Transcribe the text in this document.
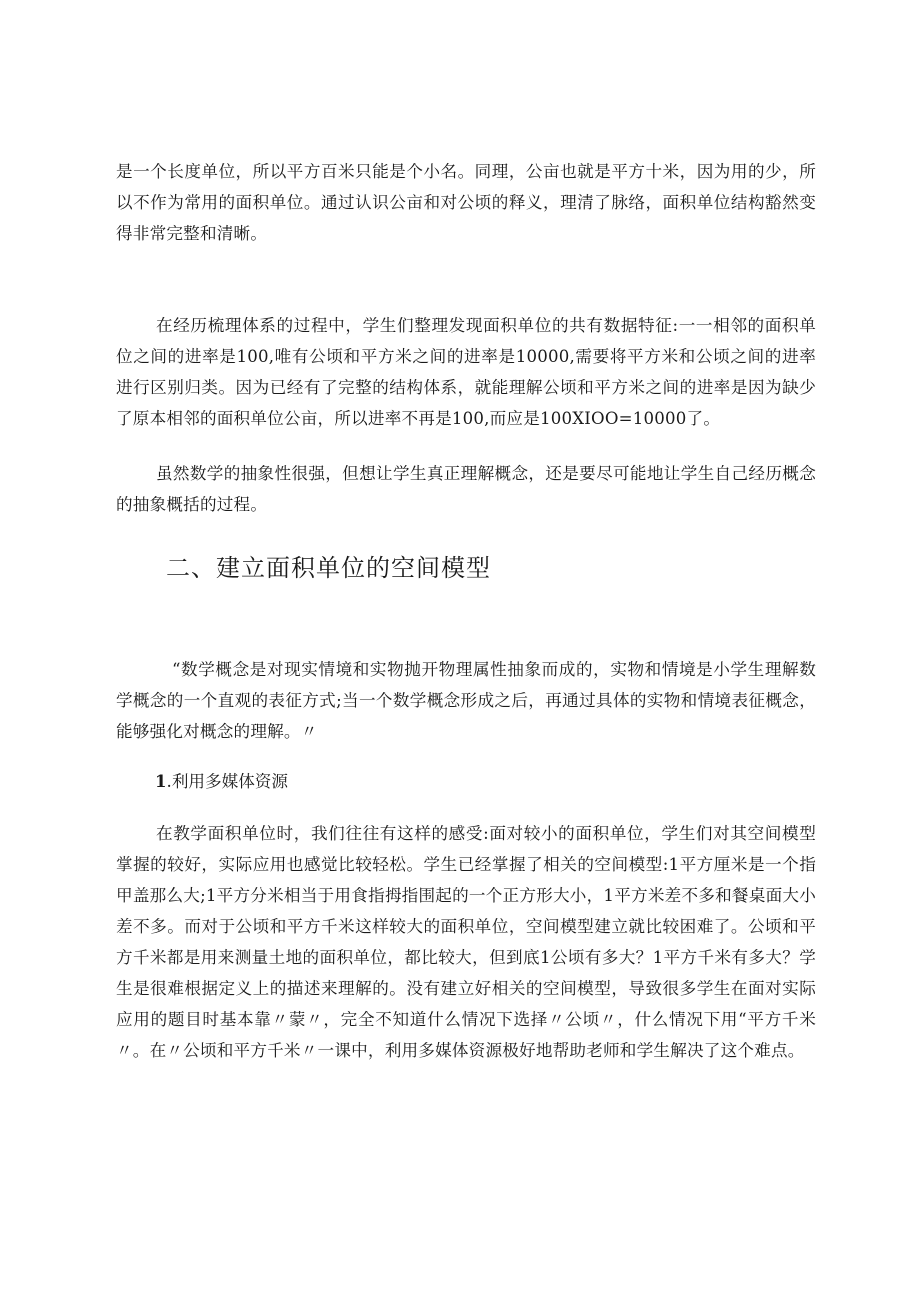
是一个长度单位，所以平方百米只能是个小名。同理，公亩也就是平方十米，因为用的少，所以不作为常用的面积单位。通过认识公亩和对公顷的释义，理清了脉络，面积单位结构豁然变得非常完整和清晰。

在经历梳理体系的过程中，学生们整理发现面积单位的共有数据特征:一一相邻的面积单位之间的进率是100,唯有公顷和平方米之间的进率是10000,需要将平方米和公顷之间的进率进行区别归类。因为已经有了完整的结构体系，就能理解公顷和平方米之间的进率是因为缺少了原本相邻的面积单位公亩，所以进率不再是100,而应是100XIOO=10000了。

虽然数学的抽象性很强，但想让学生真正理解概念，还是要尽可能地让学生自己经历概念的抽象概括的过程。

二、建立面积单位的空间模型

“数学概念是对现实情境和实物抛开物理属性抽象而成的，实物和情境是小学生理解数学概念的一个直观的表征方式;当一个数学概念形成之后，再通过具体的实物和情境表征概念，能够强化对概念的理解。〃

1.利用多媒体资源

在教学面积单位时，我们往往有这样的感受:面对较小的面积单位，学生们对其空间模型掌握的较好，实际应用也感觉比较轻松。学生已经掌握了相关的空间模型:1平方厘米是一个指甲盖那么大;1平方分米相当于用食指拇指围起的一个正方形大小，1平方米差不多和餐桌面大小差不多。而对于公顷和平方千米这样较大的面积单位，空间模型建立就比较困难了。公顷和平方千米都是用来测量土地的面积单位，都比较大，但到底1公顷有多大？1平方千米有多大？学生是很难根据定义上的描述来理解的。没有建立好相关的空间模型，导致很多学生在面对实际应用的题目时基本靠〃蒙〃，完全不知道什么情况下选择〃公顷〃，什么情况下用“平方千米〃。在〃公顷和平方千米〃一课中，利用多媒体资源极好地帮助老师和学生解决了这个难点。
